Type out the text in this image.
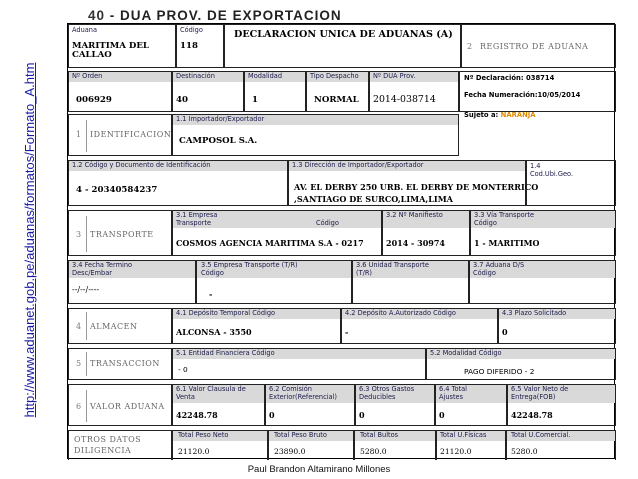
http://www.aduanet.gob.pe/aduanas/formatos/Formato_A.htm
40 - DUA PROV. DE EXPORTACION
Aduana
MARITIMA DEL CALLAO
Código
118
DECLARACION UNICA DE ADUANAS (A)
2 REGISTRO DE ADUANA
Nº Orden
006929
Destinación
40
Modalidad
1
Tipo Despacho
NORMAL
Nº DUA Prov.
2014-038714
Nº Declaración: 038714
Fecha Numeración:10/05/2014
Sujeto a: NARANJA
1 IDENTIFICACION
1.1 Importador/Exportador
CAMPOSOL S.A.
1.2 Código y Documento de Identificación
4 - 20340584237
1.3 Dirección de Importador/Exportador
AV. EL DERBY 250 URB. EL DERBY DE MONTERRICO
,SANTIAGO DE SURCO,LIMA,LIMA
1.4
Cod.Ubi.Geo.
3 TRANSPORTE
3.1 Empresa
Transporte	Código
COSMOS AGENCIA MARITIMA S.A - 0217
3.2 Nº Manifiesto
2014 - 30974
3.3 Vía Transporte
Código
1 - MARITIMO
3.4 Fecha Termino
Desc/Embar
--/--/----
3.5 Empresa Transporte (T/R)
Código
-
3.6 Unidad Transporte
(T/R)
3.7 Aduana D/S
Código
4 ALMACEN
4.1 Depósito Temporal Código
ALCONSA - 3550
4.2 Depósito A.Autorizado Código
-
4.3 Plazo Solicitado
0
5 TRANSACCION
5.1 Entidad Financiera Código
- 0
5.2 Modalidad Código
PAGO DIFERIDO - 2
6 VALOR ADUANA
6.1 Valor Clausula de
Venta
42248.78
6.2 Comisión
Exterior(Referencial)
0
6.3 Otros Gastos
Deducibles
0
6.4 Total
Ajustes
0
6.5 Valor Neto de
Entrega(FOB)
42248.78
OTROS DATOS
DILIGENCIA
Total Peso Neto
21120.0
Total Peso Bruto
23890.0
Total Bultos
5280.0
Total U.Físicas
21120.0
Total U.Comercial.
5280.0
Paul Brandon Altamirano Millones
